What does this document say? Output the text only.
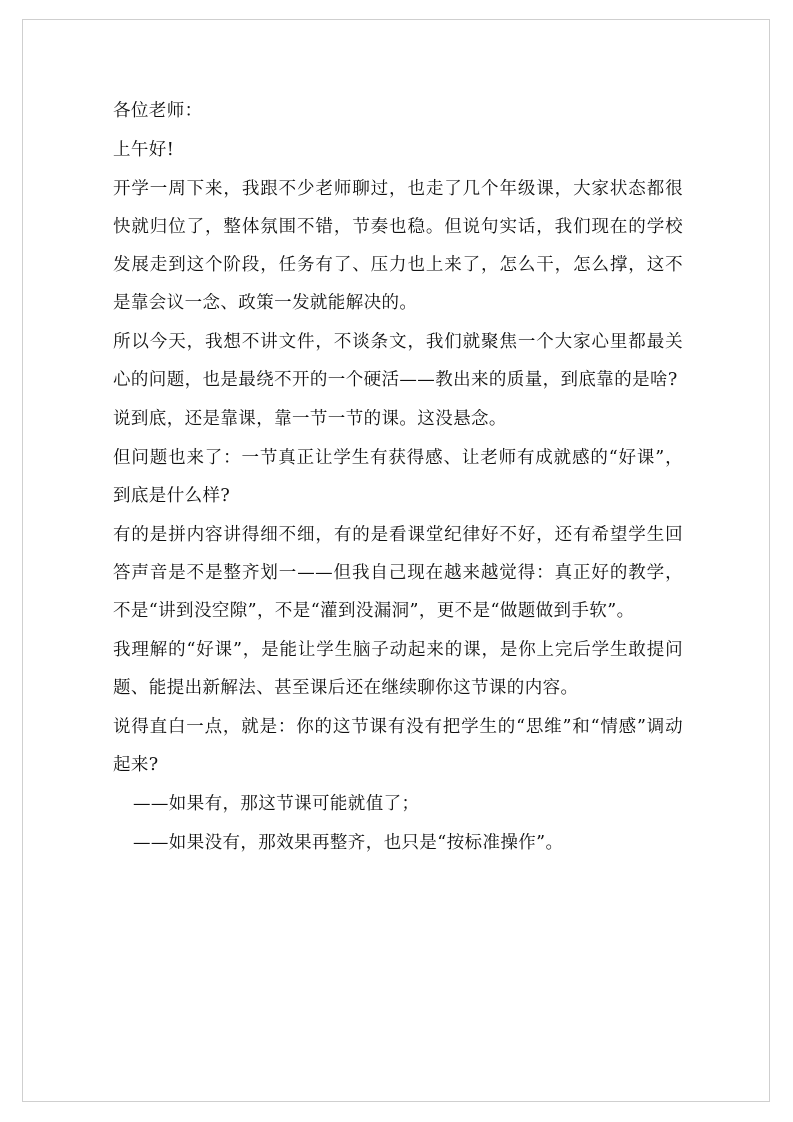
各位老师：

上午好!

开学一周下来，我跟不少老师聊过，也走了几个年级课，大家状态都很快就归位了，整体氛围不错，节奏也稳。但说句实话，我们现在的学校发展走到这个阶段，任务有了、压力也上来了，怎么干，怎么撑，这不是靠会议一念、政策一发就能解决的。

所以今天，我想不讲文件，不谈条文，我们就聚焦一个大家心里都最关心的问题，也是最绕不开的一个硬活——教出来的质量，到底靠的是啥?

说到底，还是靠课，靠一节一节的课。这没悬念。

但问题也来了：一节真正让学生有获得感、让老师有成就感的“好课”，到底是什么样?

有的是拼内容讲得细不细，有的是看课堂纪律好不好，还有希望学生回答声音是不是整齐划一——但我自己现在越来越觉得：真正好的教学，不是“讲到没空隙”，不是“灌到没漏洞”，更不是“做题做到手软”。

我理解的“好课”，是能让学生脑子动起来的课，是你上完后学生敢提问题、能提出新解法、甚至课后还在继续聊你这节课的内容。

说得直白一点，就是：你的这节课有没有把学生的“思维”和“情感”调动起来?

——如果有，那这节课可能就值了；

——如果没有，那效果再整齐，也只是“按标准操作”。
